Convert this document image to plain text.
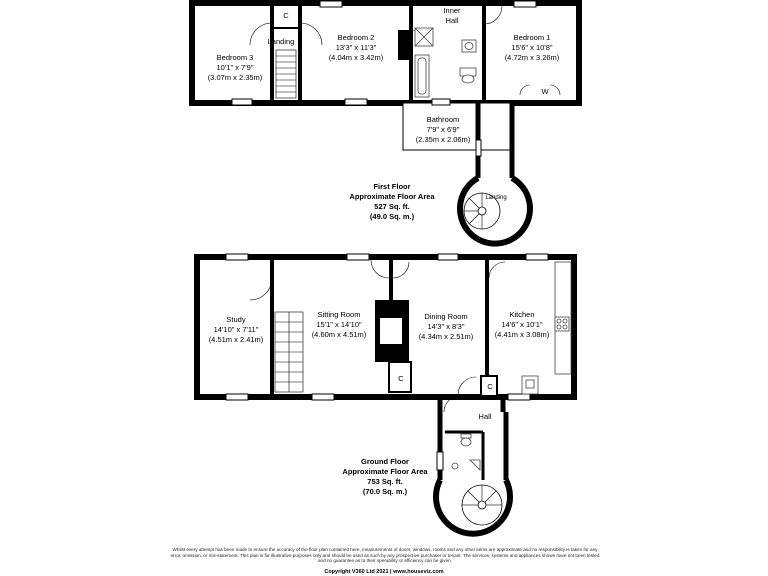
Bedroom 3
10'1" x 7'9"
(3.07m x 2.35m)
Landing
C
Bedroom 2
13'3" x 11'3"
(4.04m x 3.42m)
Inner
Hall
Bedroom 1
15'6" x 10'8"
(4.72m x 3.26m)
W
Bathroom
7'9" x 6'9"
(2.35m x 2.06m)
Landing
First Floor
Approximate Floor Area
527 Sq. ft.
(49.0 Sq. m.)
Study
14'10" x 7'11"
(4.51m x 2.41m)
Sitting Room
15'1" x 14'10"
(4.60m x 4.51m)
Dining Room
14'3" x 8'3"
(4.34m x 2.51m)
C
Kitchen
14'6" x 10'1"
(4.41m x 3.08m)
C
Hall
Ground Floor
Approximate Floor Area
753 Sq. ft.
(70.0 Sq. m.)
Whilst every attempt has been made to ensure the accuracy of the floor plan contained here, measurements of doors, windows, rooms and any other items are approximate and no responsibility is taken for any error, omission, or mis-statement. This plan is for illustrative purposes only and should be used as such by any prospective purchaser or tenant. The services, systems and appliances shown have not been tested and no guarantee as to their operability or efficiency can be given.
Copyright V360 Ltd 2021 | www.houseviz.com
